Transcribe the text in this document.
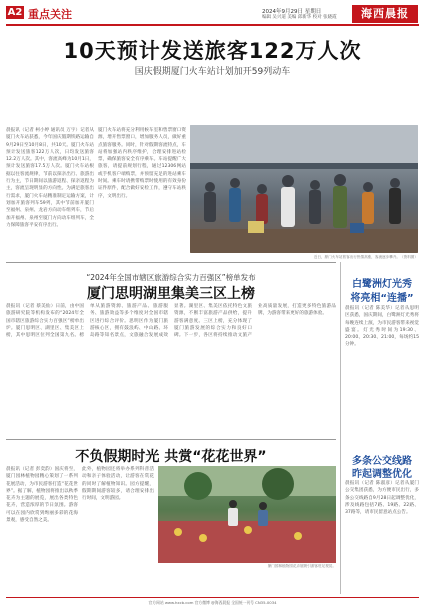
A2 重点关注	2024年9月29日 星期日
编辑 吴兴道 美编 邱新华 校对 张晓霞	海西晨报
10天预计发送旅客122万人次
国庆假期厦门火车站计划加开59列动车
晨报讯（记者 柯小婷 通讯员 万宇）记者从厦门火车站获悉，今年国庆假期铁路运输自9月29日至10月8日，共10天。厦门火车站预计发送旅客122万人次，日均发送旅客12.2万人次。其中，客流高峰为10月1日，预计发送旅客17.5万人次。厦门火车站根据以往客流规律，节前以探亲出行、旅游出行为主，节日期间以旅游返程、探亲返程为主，客流呈现明显的方向性。为满足旅客出行需求，厦门火车站精准制定运输方案，计划加开旅客列车59列，其中节前加开厦门至福州、泉州、龙岩方向动车组列车，节后加开福州、泉州至厦门方向动车组列车，全力保障旅客平安有序出行。
厦门火车站将充分利用候车室和售票窗口资源，增开售票窗口，增加服务人员，做好重点旅客服务。同时，针对假期客流特点，车站将加强站内秩序维护，合理安排进站检票，确保旅客安全有序乘车。车站提醒广大旅客，请提前规划行程，通过12306网站或手机客户端购票，并预留充足的进站乘车时间。乘车时请携带购票时使用的有效身份证件原件，配合做好安检工作，遵守车站秩序，文明出行。
近日，厦门火车站旅客出行热情高涨，客流逐步攀升。（资料图）
“2024年全国市辖区旅游综合实力百强区”榜单发布
厦门思明湖里集美三区上榜
晨报讯（记者 蔡美仙）日前，由中国旅游研究院等机构发布的“2024年全国市辖区旅游综合实力百强区”榜单出炉。厦门思明区、湖里区、集美区上榜，其中思明区位列全国第九名。榜单从旅游资源、旅游产品、旅游服务、旅游效益等多个维度对全国市辖区进行综合评价。思明区作为厦门旅游核心区，拥有鼓浪屿、中山路、环岛路等知名景点，文旅融合发展成效显著。湖里区、集美区依托特色文旅资源，不断丰富旅游产品供给，提升游客满意度。三区上榜，充分体现了厦门旅游发展的综合实力和良好口碑。下一步，各区将持续推动文旅产业高质量发展，打造更多特色旅游品牌，为游客带来更好的旅游体验。
不负假期时光 共赏“花花世界”
晨报讯（记者 彭奕韵）国庆将至，厦门园林植物园精心策划了一系列花展活动，为市民游客打造“花花世界”。据了解，植物园将推出以秋季花卉为主题的展览，展出各类特色花卉，营造浓厚的节日氛围。游客可以在园内欣赏到绚丽多彩的花海景观，感受自然之美。
此外，植物园还将举办系列科普活动和亲子体验活动，让游客在赏花的同时了解植物知识。园方提醒，假期期间游客较多，请合理安排出行时间，文明游园。
厦门园林植物园花卉展吸引游客驻足观赏。
白鹭洲灯光秀
将亮相“连播”
晨报讯（记者 陈美华）记者从思明区获悉，国庆期间，白鹭洲灯光秀将每晚连续上演，为市民游客带来视觉盛宴。灯光秀时间为19:30、20:00、20:30、21:00，每场约15分钟。
多条公交线路
昨起调整优化
晨报讯（记者 陈淑彦）记者从厦门公交集团获悉，为方便市民出行，多条公交线路自9月28日起调整优化，涉及线路包括7路、19路、22路、37路等，请市民留意站点公告。
官方网站 www.hxcb.com 官方微博 @海西晨报 全国统一刊号 CN35-0034
